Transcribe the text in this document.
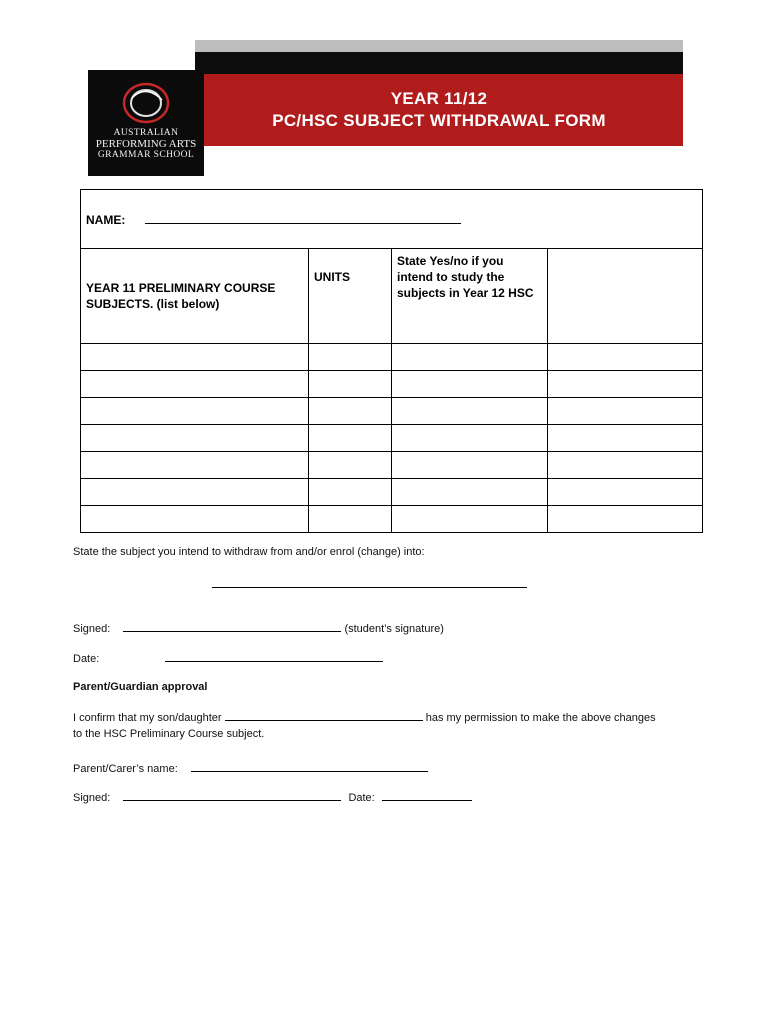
YEAR 11/12
PC/HSC SUBJECT WITHDRAWAL FORM
AUSTRALIAN
PERFORMING ARTS
GRAMMAR SCHOOL
NAME:			
YEAR 11 PRELIMINARY COURSE SUBJECTS. (list below)	UNITS	State Yes/no if you intend to study the subjects in Year 12 HSC	

State the subject you intend to withdraw from and/or enrol (change) into:
Signed:	(student’s signature)
Date:
Parent/Guardian approval
I confirm that my son/daughter	has my permission to make the above changes
to the HSC Preliminary Course subject.
Parent/Carer’s name:
Signed:	Date:
